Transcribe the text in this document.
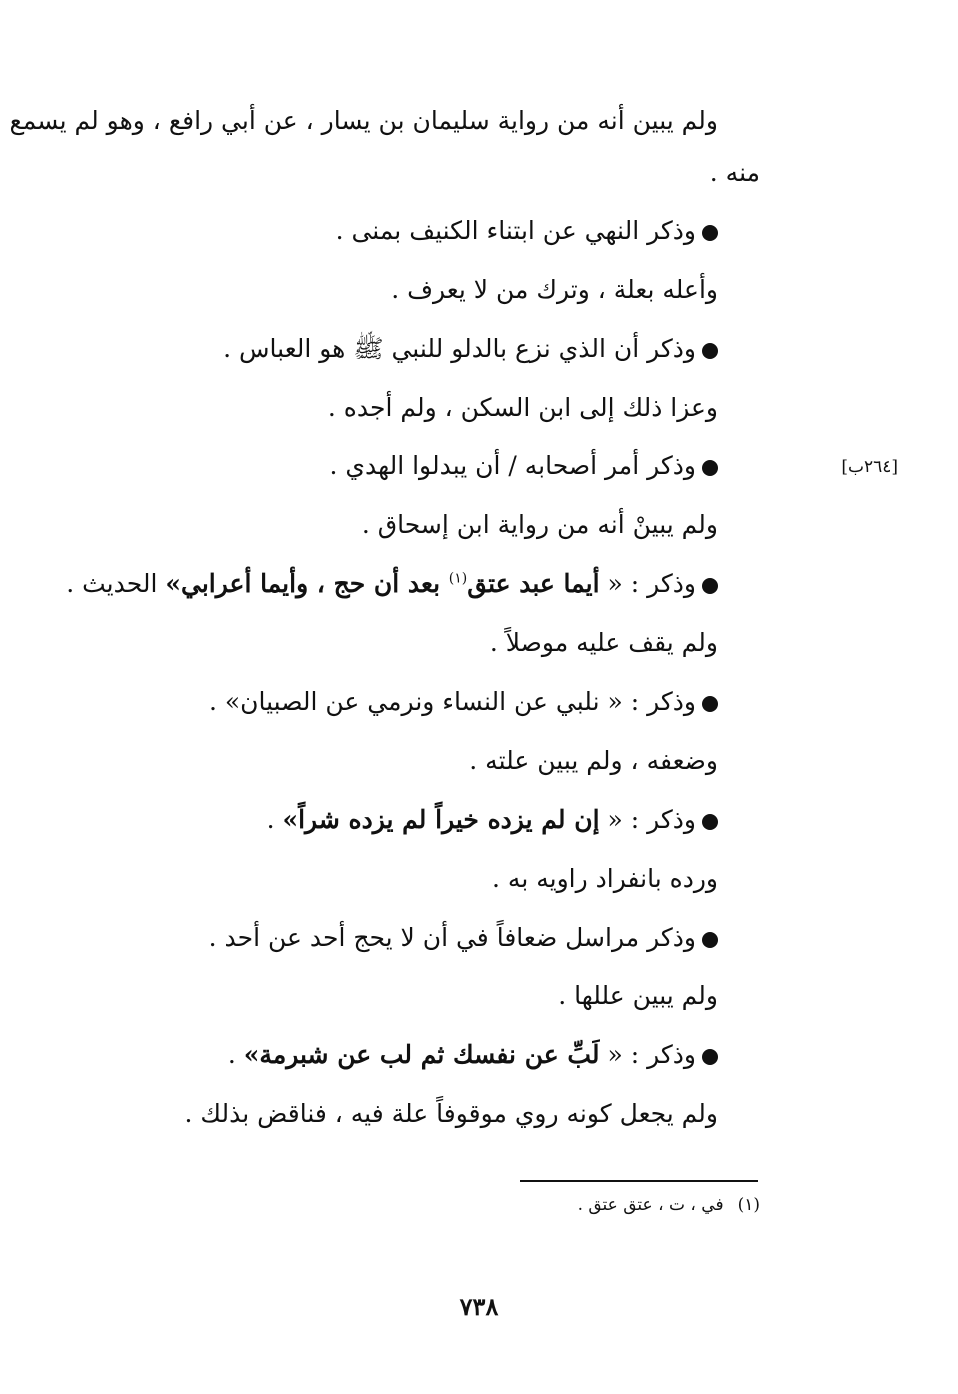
ولم يبين أنه من رواية سليمان بن يسار ، عن أبي رافع ، وهو لم يسمع
منه .
وذكر النهي عن ابتناء الكنيف بمنى .
وأعله بعلة ، وترك من لا يعرف .
وذكر أن الذي نزع بالدلو للنبي ﷺ هو العباس .
وعزا ذلك إلى ابن السكن ، ولم أجده .
وذكر أمر أصحابه / أن يبدلوا الهدي .
ولم يبينْ أنه من رواية ابن إسحاق .
وذكر : « أيما عبد عتق$^{(١)}$ بعد أن حج ، وأيما أعرابي» الحديث .
ولم يقف عليه موصلاً .
وذكر : « نلبي عن النساء ونرمي عن الصبيان» .
وضعفه ، ولم يبين علته .
وذكر : « إن لم يزده خيراً لم يزده شراً» .
ورده بانفراد راويه به .
وذكر مراسل ضعافاً في أن لا يحج أحد عن أحد .
ولم يبين عللها .
وذكر : « لَبِّ عن نفسك ثم لب عن شبرمة» .
ولم يجعل كونه روي موقوفاً علة فيه ، فناقض بذلك .
[٢٦٤ب]
(١)في ، ت ، عتق عتق .
٧٣٨
